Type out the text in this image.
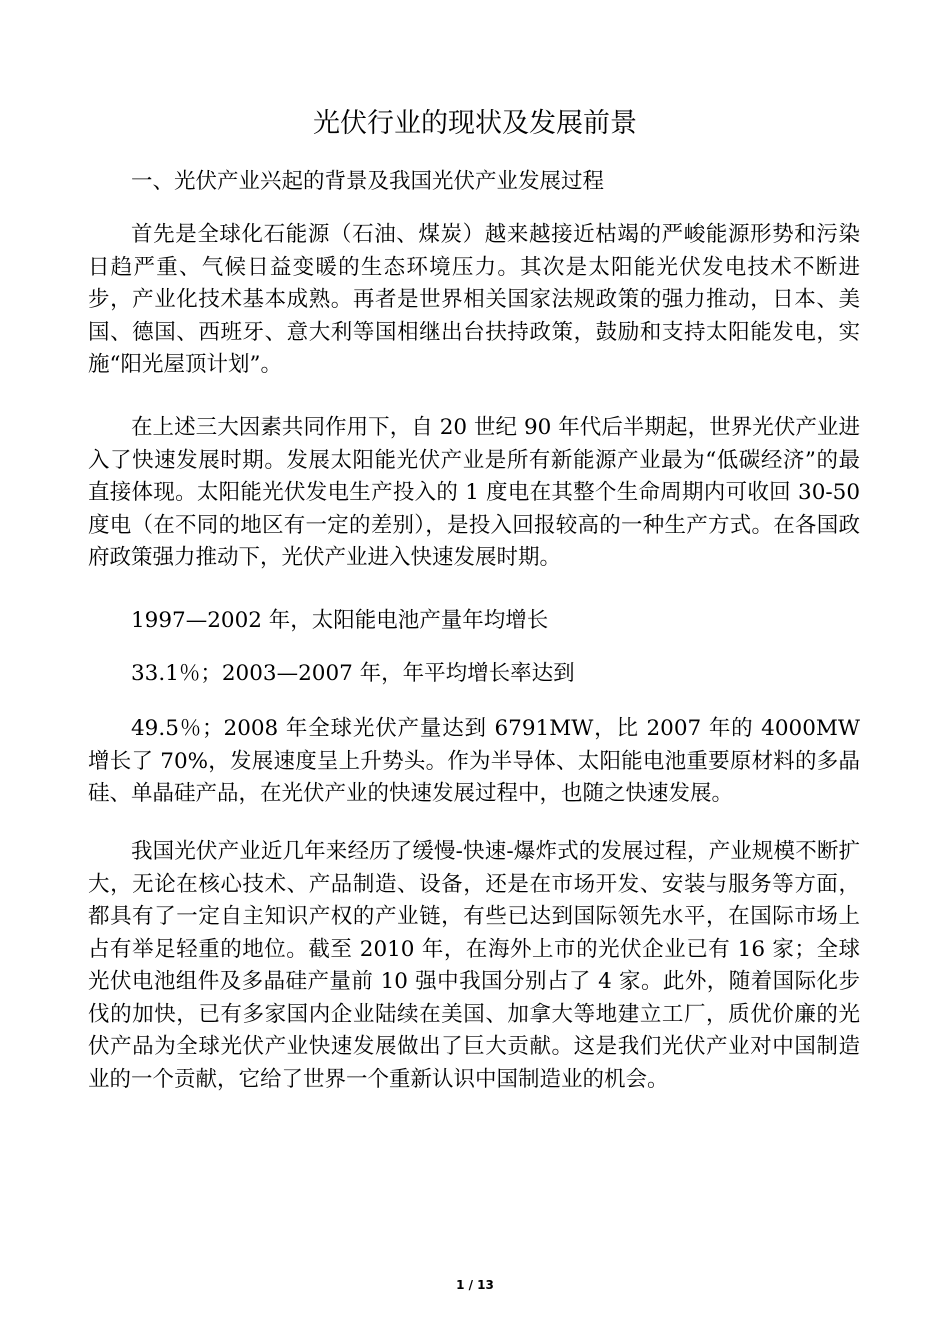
光伏行业的现状及发展前景

一、光伏产业兴起的背景及我国光伏产业发展过程

首先是全球化石能源（石油、煤炭）越来越接近枯竭的严峻能源形势和污染日趋严重、气候日益变暖的生态环境压力。其次是太阳能光伏发电技术不断进步，产业化技术基本成熟。再者是世界相关国家法规政策的强力推动，日本、美国、德国、西班牙、意大利等国相继出台扶持政策，鼓励和支持太阳能发电，实施“阳光屋顶计划”。

在上述三大因素共同作用下，自 20 世纪 90 年代后半期起，世界光伏产业进入了快速发展时期。发展太阳能光伏产业是所有新能源产业最为“低碳经济”的最直接体现。太阳能光伏发电生产投入的 1 度电在其整个生命周期内可收回 30-50 度电（在不同的地区有一定的差别），是投入回报较高的一种生产方式。在各国政府政策强力推动下，光伏产业进入快速发展时期。

1997—2002 年，太阳能电池产量年均增长

33.1％；2003—2007 年，年平均增长率达到

49.5％；2008 年全球光伏产量达到 6791MW，比 2007 年的 4000MW 增长了 70%，发展速度呈上升势头。作为半导体、太阳能电池重要原材料的多晶硅、单晶硅产品，在光伏产业的快速发展过程中，也随之快速发展。

我国光伏产业近几年来经历了缓慢-快速-爆炸式的发展过程，产业规模不断扩大，无论在核心技术、产品制造、设备，还是在市场开发、安装与服务等方面，都具有了一定自主知识产权的产业链，有些已达到国际领先水平，在国际市场上占有举足轻重的地位。截至 2010 年，在海外上市的光伏企业已有 16 家；全球光伏电池组件及多晶硅产量前 10 强中我国分别占了 4 家。此外，随着国际化步伐的加快，已有多家国内企业陆续在美国、加拿大等地建立工厂，质优价廉的光伏产品为全球光伏产业快速发展做出了巨大贡献。这是我们光伏产业对中国制造业的一个贡献，它给了世界一个重新认识中国制造业的机会。

1 / 13
